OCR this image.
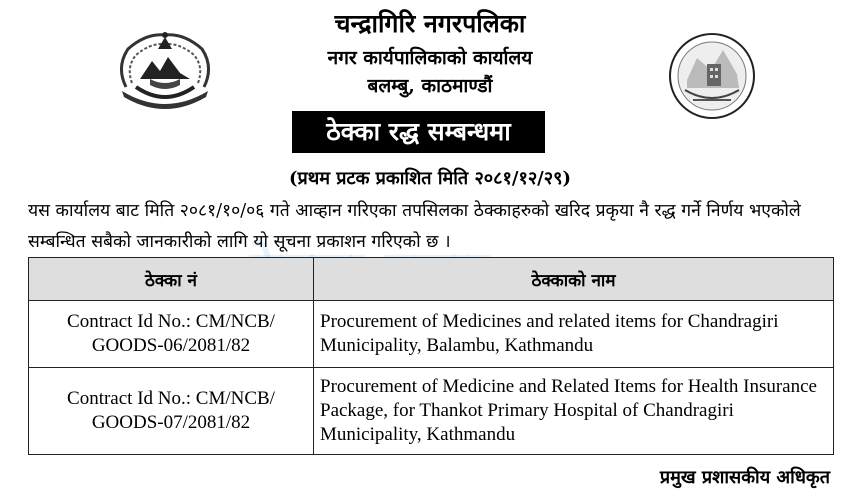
चन्द्रागिरि नगरपलिका
नगर कार्यपालिकाको कार्यालय
बलम्बु, काठमाण्डौं
ठेक्का रद्ध सम्बन्धमा
(प्रथम प्रटक प्रकाशित मिति २०८१/१२/२९)
यस कार्यालय बाट मिति २०८१/१०/०६ गते आव्हान गरिएका तपसिलका ठेक्काहरुको खरिद प्रकृया नै रद्ध गर्ने निर्णय भएकोले सम्बन्धित सबैको जानकारीको लागि यो सूचना प्रकाशन गरिएको छ ।
ठेक्का नं	ठेक्काको नाम
Contract Id No.: CM/NCB/ GOODS-06/2081/82	Procurement of Medicines and related items for Chandragiri Municipality, Balambu, Kathmandu
Contract Id No.: CM/NCB/ GOODS-07/2081/82	Procurement of Medicine and Related Items for Health Insurance Package, for Thankot Primary Hospital of Chandragiri Municipality, Kathmandu
प्रमुख प्रशासकीय अधिकृत
